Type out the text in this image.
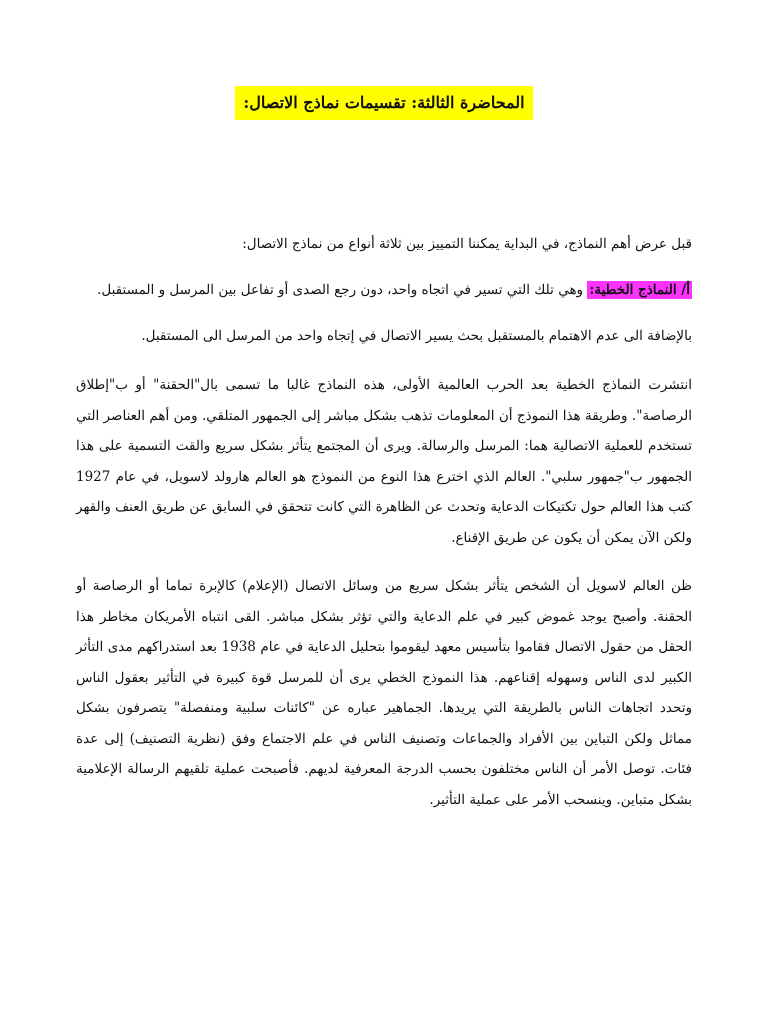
المحاضرة الثالثة: تقسيمات نماذج الاتصال:

قبل عرض أهم النماذج، في البداية يمكننا التمييز بين ثلاثة أنواع من نماذج الاتصال:

أ/ النماذج الخطية: وهي تلك التي تسير في اتجاه واحد، دون رجع الصدى أو تفاعل بين المرسل و المستقبل.

بالإضافة الى عدم الاهتمام بالمستقبل بحث يسير الاتصال في إتجاه واحد من المرسل الى المستقبل.

انتشرت النماذج الخطية بعد الحرب العالمية الأولى، هذه النماذج غالبا ما تسمى بال"الحقنة" أو ب"إطلاق الرصاصة". وطريقة هذا النموذج أن المعلومات تذهب بشكل مباشر إلى الجمهور المتلقي. ومن أهم العناصر التي تستخدم للعملية الاتصالية هما: المرسل والرسالة. ويرى أن المجتمع يتأثر بشكل سريع والقت التسمية على هذا الجمهور ب"جمهور سلبي". العالم الذي اخترع هذا النوع من النموذج هو العالم هارولد لاسويل، في عام 1927 كتب هذا العالم حول تكتيكات الدعاية وتحدث عن الظاهرة التي كانت تتحقق في السابق عن طريق العنف والقهر ولكن الآن يمكن أن يكون عن طريق الإقناع.

ظن العالم لاسويل أن الشخص يتأثر بشكل سريع من وسائل الاتصال (الإعلام) كالإبرة تماما أو الرصاصة أو الحقنة. وأصبح يوجد غموض كبير في علم الدعاية والتي تؤثر بشكل مباشر. القى انتباه الأمريكان مخاطر هذا الحقل من حقول الاتصال فقاموا بتأسيس معهد ليقوموا بتحليل الدعاية في عام 1938 بعد استدراكهم مدى التأثر الكبير لدى الناس وسهوله إقناعهم. هذا النموذج الخطي يرى أن للمرسل قوة كبيرة في التأثير بعقول الناس وتحدد اتجاهات الناس بالطريقة التي يريدها. الجماهير عباره عن "كائنات سلبية ومنفصلة" يتصرفون بشكل مماثل ولكن التباين بين الأفراد والجماعات وتصنيف الناس في علم الاجتماع وفق (نظرية التصنيف) إلى عدة فئات. توصل الأمر أن الناس مختلفون بحسب الدرجة المعرفية لديهم. فأصبحت عملية تلقيهم الرسالة الإعلامية بشكل متباين. وينسحب الأمر على عملية التأثير.
